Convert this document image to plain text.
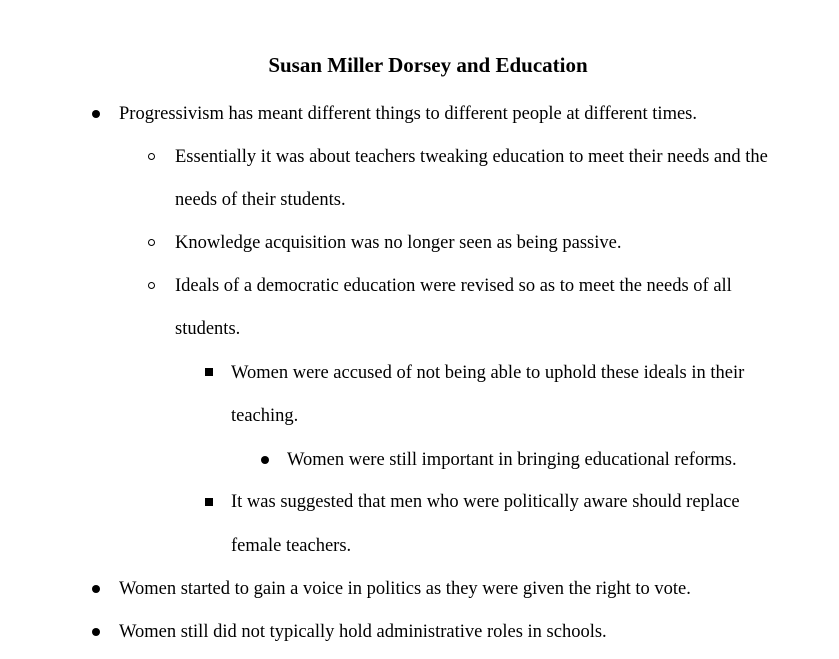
Susan Miller Dorsey and Education
Progressivism has meant different things to different people at different times.
Essentially it was about teachers tweaking education to meet their needs and the
needs of their students.
Knowledge acquisition was no longer seen as being passive.
Ideals of a democratic education were revised so as to meet the needs of all
students.
Women were accused of not being able to uphold these ideals in their
teaching.
Women were still important in bringing educational reforms.
It was suggested that men who were politically aware should replace
female teachers.
Women started to gain a voice in politics as they were given the right to vote.
Women still did not typically hold administrative roles in schools.
